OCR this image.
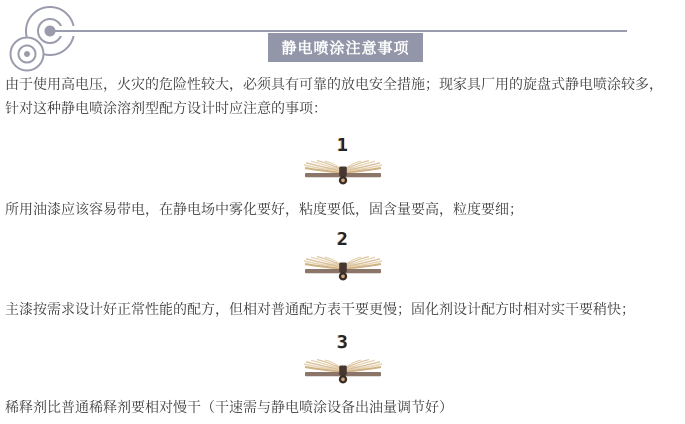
静电喷涂注意事项

由于使用高电压，火灾的危险性较大，必须具有可靠的放电安全措施；现家具厂用的旋盘式静电喷涂较多，
针对这种静电喷涂溶剂型配方设计时应注意的事项：

1

所用油漆应该容易带电，在静电场中雾化要好，粘度要低，固含量要高，粒度要细；

2

主漆按需求设计好正常性能的配方，但相对普通配方表干要更慢；固化剂设计配方时相对实干要稍快；

3

稀释剂比普通稀释剂要相对慢干（干速需与静电喷涂设备出油量调节好）
